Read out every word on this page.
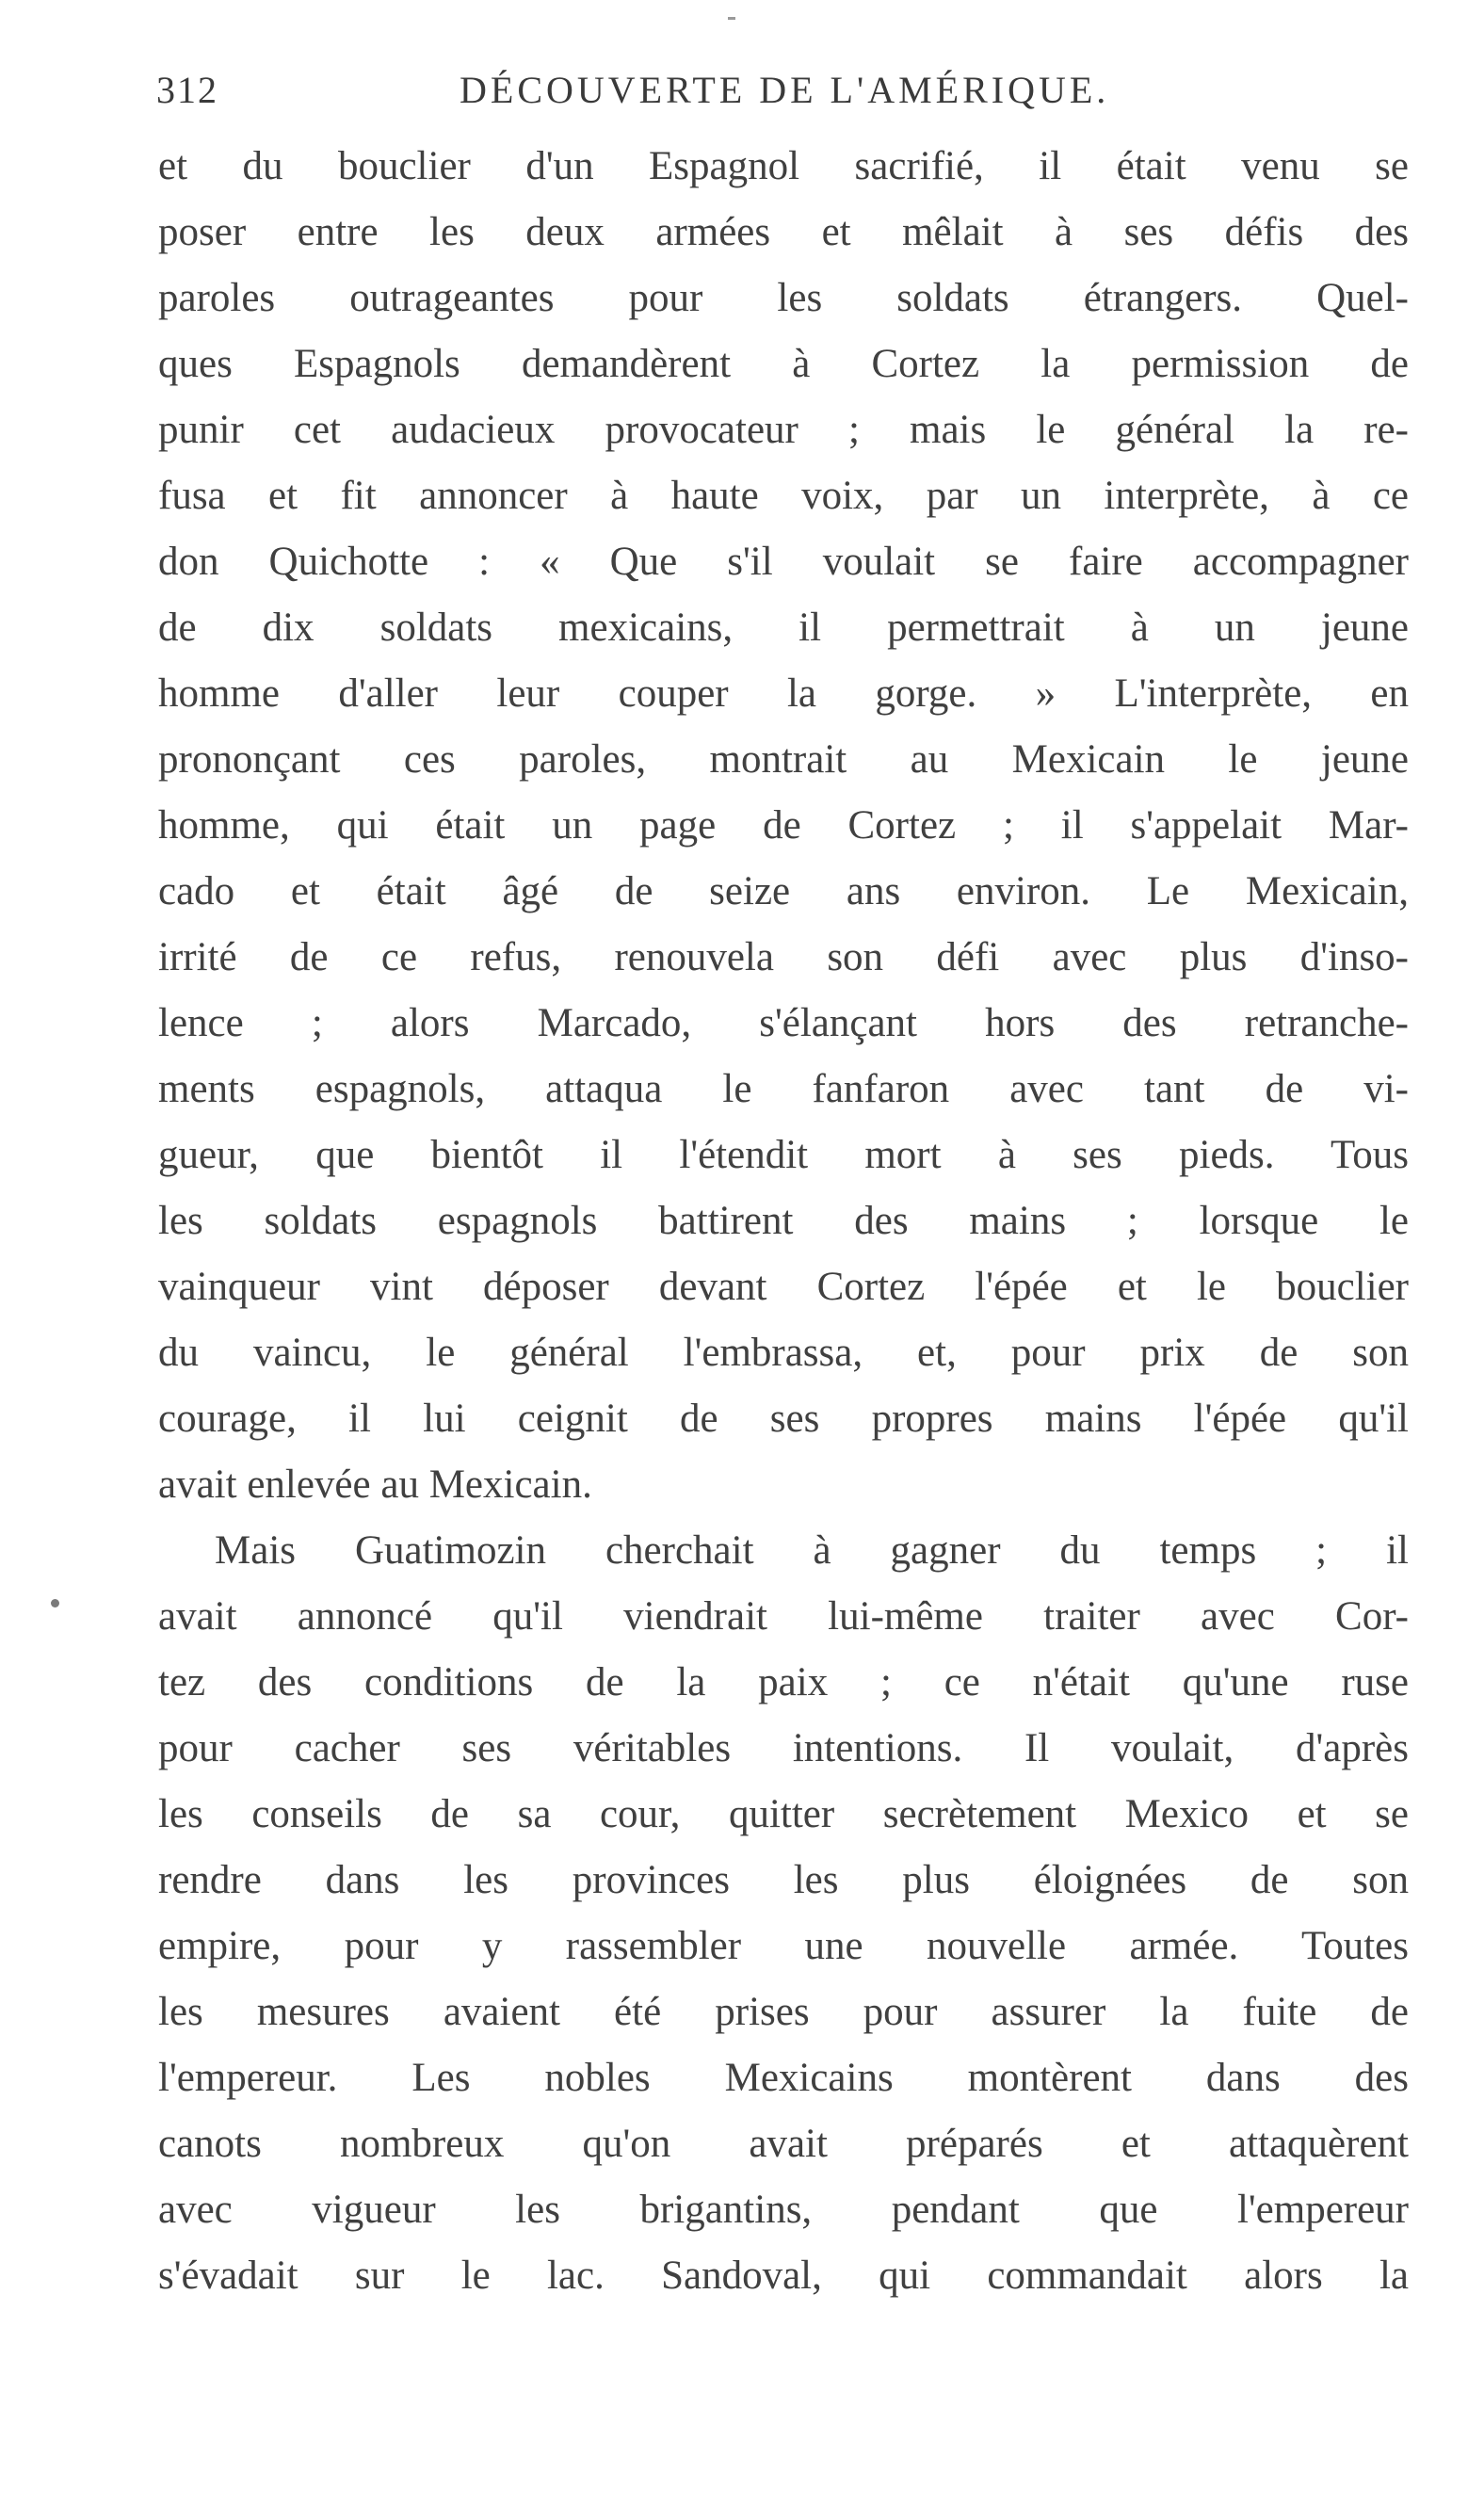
312	DÉCOUVERTE DE L'AMÉRIQUE.
et du bouclier d'un Espagnol sacrifié, il était venu se
poser entre les deux armées et mêlait à ses défis des
paroles outrageantes pour les soldats étrangers. Quel-
ques Espagnols demandèrent à Cortez la permission de
punir cet audacieux provocateur ; mais le général la re-
fusa et fit annoncer à haute voix, par un interprète, à ce
don Quichotte : « Que s'il voulait se faire accompagner
de dix soldats mexicains, il permettrait à un jeune
homme d'aller leur couper la gorge. » L'interprète, en
prononçant ces paroles, montrait au Mexicain le jeune
homme, qui était un page de Cortez ; il s'appelait Mar-
cado et était âgé de seize ans environ. Le Mexicain,
irrité de ce refus, renouvela son défi avec plus d'inso-
lence ; alors Marcado, s'élançant hors des retranche-
ments espagnols, attaqua le fanfaron avec tant de vi-
gueur, que bientôt il l'étendit mort à ses pieds. Tous
les soldats espagnols battirent des mains ; lorsque le
vainqueur vint déposer devant Cortez l'épée et le bouclier
du vaincu, le général l'embrassa, et, pour prix de son
courage, il lui ceignit de ses propres mains l'épée qu'il
avait enlevée au Mexicain.
Mais Guatimozin cherchait à gagner du temps ; il
avait annoncé qu'il viendrait lui-même traiter avec Cor-
tez des conditions de la paix ; ce n'était qu'une ruse
pour cacher ses véritables intentions. Il voulait, d'après
les conseils de sa cour, quitter secrètement Mexico et se
rendre dans les provinces les plus éloignées de son
empire, pour y rassembler une nouvelle armée. Toutes
les mesures avaient été prises pour assurer la fuite de
l'empereur. Les nobles Mexicains montèrent dans des
canots nombreux qu'on avait préparés et attaquèrent
avec vigueur les brigantins, pendant que l'empereur
s'évadait sur le lac. Sandoval, qui commandait alors la
